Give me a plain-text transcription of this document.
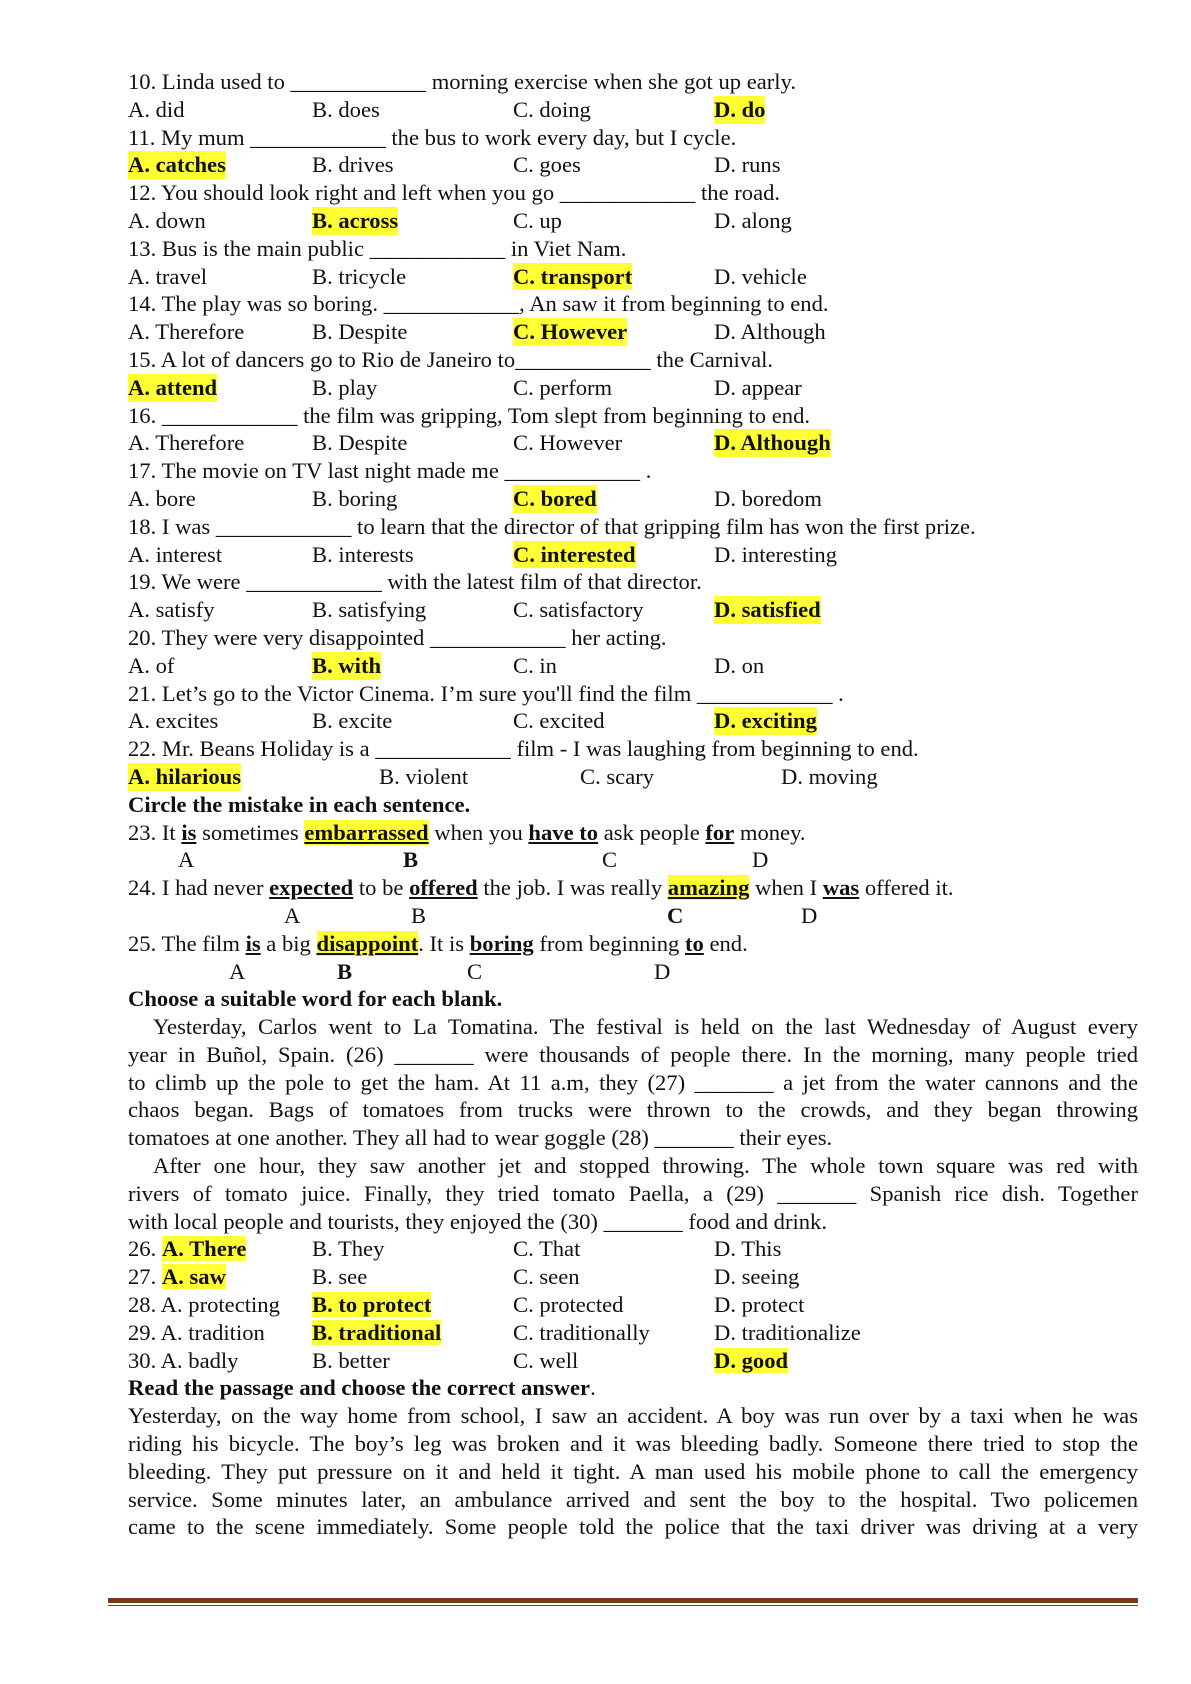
10. Linda used to ____________ morning exercise when she got up early.
A. did	B. does	C. doing	D. do
11. My mum ____________ the bus to work every day, but I cycle.
A. catches	B. drives	C. goes	D. runs
12. You should look right and left when you go ____________ the road.
A. down	B. across	C. up	D. along
13. Bus is the main public ____________ in Viet Nam.
A. travel	B. tricycle	C. transport	D. vehicle
14. The play was so boring. ____________, An saw it from beginning to end.
A. Therefore	B. Despite	C. However	D. Although
15. A lot of dancers go to Rio de Janeiro to____________ the Carnival.
A. attend	B. play	C. perform	D. appear
16. ____________ the film was gripping, Tom slept from beginning to end.
A. Therefore	B. Despite	C. However	D. Although
17. The movie on TV last night made me ____________ .
A. bore	B. boring	C. bored	D. boredom
18. I was ____________ to learn that the director of that gripping film has won the first prize.
A. interest	B. interests	C. interested	D. interesting
19. We were ____________ with the latest film of that director.
A. satisfy	B. satisfying	C. satisfactory	D. satisfied
20. They were very disappointed ____________ her acting.
A. of	B. with	C. in	D. on
21. Let’s go to the Victor Cinema. I’m sure you'll find the film ____________ .
A. excites	B. excite	C. excited	D. exciting
22. Mr. Beans Holiday is a ____________ film - I was laughing from beginning to end.
A. hilarious	B. violent	C. scary	D. moving
Circle the mistake in each sentence.
23. It is sometimes embarrassed when you have to ask people for money.
A	B	C	D
24. I had never expected to be offered the job. I was really amazing when I was offered it.
A	B	C	D
25. The film is a big disappoint. It is boring from beginning to end.
A	B	C	D
Choose a suitable word for each blank.
Yesterday, Carlos went to La Tomatina. The festival is held on the last Wednesday of August every
year in Buñol, Spain. (26) _______ were thousands of people there. In the morning, many people tried
to climb up the pole to get the ham. At 11 a.m, they (27) _______ a jet from the water cannons and the
chaos began. Bags of tomatoes from trucks were thrown to the crowds, and they began throwing
tomatoes at one another. They all had to wear goggle (28) _______ their eyes.
After one hour, they saw another jet and stopped throwing. The whole town square was red with
rivers of tomato juice. Finally, they tried tomato Paella, a (29) _______ Spanish rice dish. Together
with local people and tourists, they enjoyed the (30) _______ food and drink.
26. A. There	B. They	C. That	D. This
27. A. saw	B. see	C. seen	D. seeing
28. A. protecting B. to protect	C. protected	D. protect
29. A. tradition B. traditional	C. traditionally	D. traditionalize
30. A. badly	B. better	C. well	D. good
Read the passage and choose the correct answer.
Yesterday, on the way home from school, I saw an accident. A boy was run over by a taxi when he was
riding his bicycle. The boy’s leg was broken and it was bleeding badly. Someone there tried to stop the
bleeding. They put pressure on it and held it tight. A man used his mobile phone to call the emergency
service. Some minutes later, an ambulance arrived and sent the boy to the hospital. Two policemen
came to the scene immediately. Some people told the police that the taxi driver was driving at a very
